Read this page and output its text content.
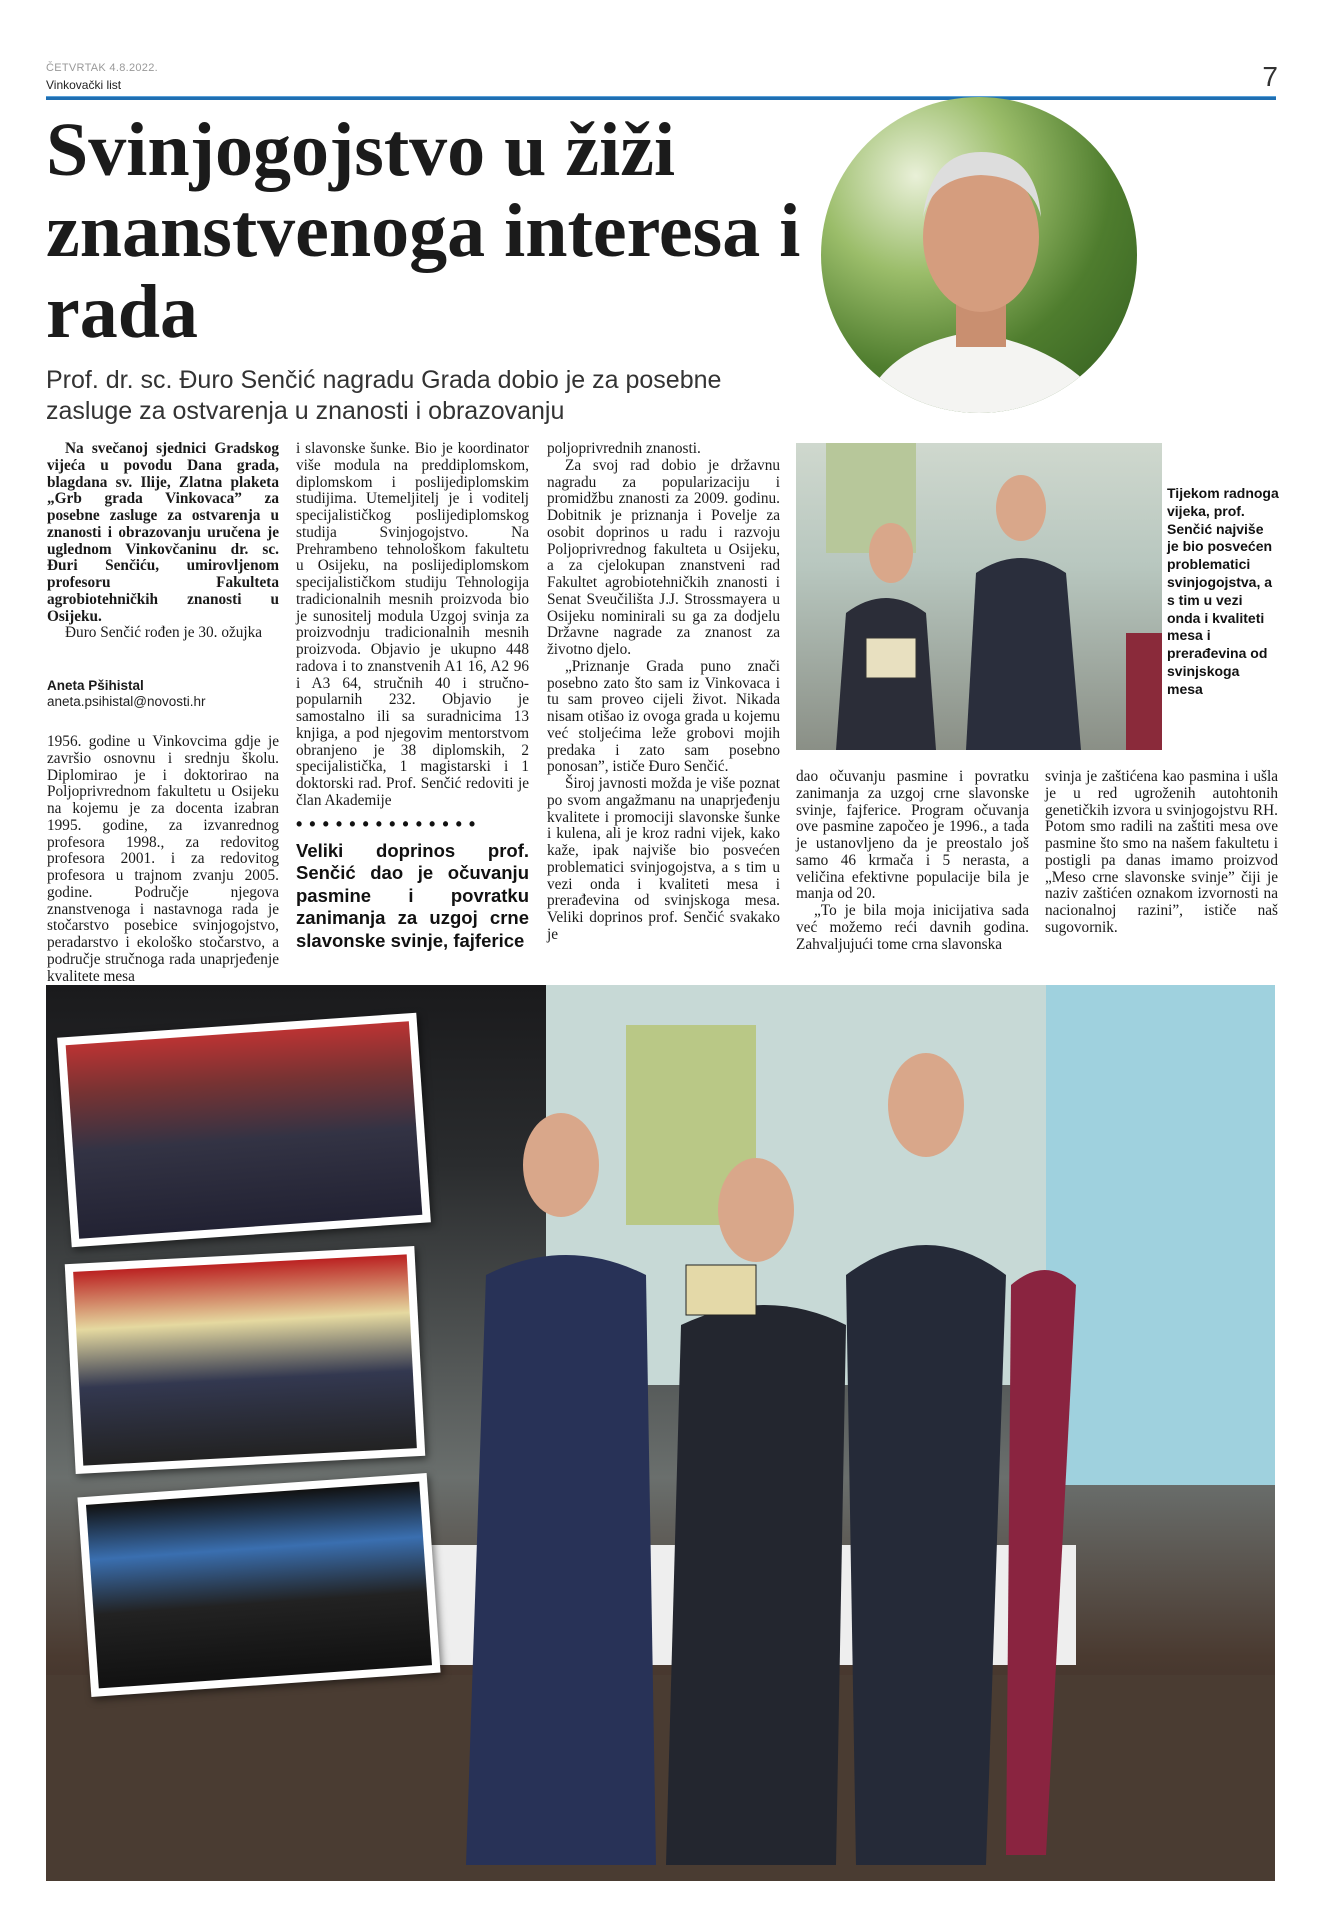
ČETVRTAK 4.8.2022.
Vinkovački list	7
Svinjogojstvo u žiži znanstvenoga interesa i rada
Prof. dr. sc. Đuro Senčić nagradu Grada dobio je za posebne zasluge za ostvarenja u znanosti i obrazovanju

Na svečanoj sjednici Gradskog vijeća u povodu Dana grada, blagdana sv. Ilije, Zlatna plaketa „Grb grada Vinkovaca” za posebne zasluge za ostvarenja u znanosti i obrazovanju uručena je uglednom Vinkovčaninu dr. sc. Đuri Senčiću, umirovljenom profesoru Fakulteta agrobiotehničkih znanosti u Osijeku.

Đuro Senčić rođen je 30. ožujka

Aneta Pšihistal
aneta.psihistal@novosti.hr

1956. godine u Vinkovcima gdje je završio osnovnu i srednju školu. Diplomirao je i doktorirao na Poljoprivrednom fakultetu u Osijeku na kojemu je za docenta izabran 1995. godine, za izvanrednog profesora 1998., za redovitog profesora 2001. i za redovitog profesora u trajnom zvanju 2005. godine. Područje njegova znanstvenoga i nastavnoga rada je stočarstvo posebice svinjogojstvo, peradarstvo i ekološko stočarstvo, a područje stručnoga rada unaprjeđenje kvalitete mesa

i slavonske šunke. Bio je koordinator više modula na preddiplomskom, diplomskom i poslijediplomskim studijima. Utemeljitelj je i voditelj specijalističkog poslijediplomskog studija Svinjogojstvo. Na Prehrambeno tehnološkom fakultetu u Osijeku, na poslijediplomskom specijalističkom studiju Tehnologija tradicionalnih mesnih proizvoda bio je sunositelj modula Uzgoj svinja za proizvodnju tradicionalnih mesnih proizvoda. Objavio je ukupno 448 radova i to znanstvenih A1 16, A2 96 i A3 64, stručnih 40 i stručno-popularnih 232. Objavio je samostalno ili sa suradnicima 13 knjiga, a pod njegovim mentorstvom obranjeno je 38 diplomskih, 2 specijalistička, 1 magistarski i 1 doktorski rad. Prof. Senčić redoviti je član Akademije

••••••••••••••
Veliki doprinos prof. Senčić dao je očuvanju pasmine i povratku zanimanja za uzgoj crne slavonske svinje, fajferice

poljoprivrednih znanosti.

Za svoj rad dobio je državnu nagradu za popularizaciju i promidžbu znanosti za 2009. godinu. Dobitnik je priznanja i Povelje za osobit doprinos u radu i razvoju Poljoprivrednog fakulteta u Osijeku, a za cjelokupan znanstveni rad Fakultet agrobiotehničkih znanosti i Senat Sveučilišta J.J. Strossmayera u Osijeku nominirali su ga za dodjelu Državne nagrade za znanost za životno djelo.

„Priznanje Grada puno znači posebno zato što sam iz Vinkovaca i tu sam proveo cijeli život. Nikada nisam otišao iz ovoga grada u kojemu već stoljećima leže grobovi mojih predaka i zato sam posebno ponosan”, ističe Đuro Senčić.

Široj javnosti možda je više poznat po svom angažmanu na unaprjeđenju kvalitete i promociji slavonske šunke i kulena, ali je kroz radni vijek, kako kaže, ipak najviše bio posvećen problematici svinjogojstva, a s tim u vezi onda i kvaliteti mesa i prerađevina od svinjskoga mesa. Veliki doprinos prof. Senčić svakako je

Tijekom radnoga vijeka, prof. Senčić najviše je bio posvećen problematici svinjogojstva, a s tim u vezi onda i kvaliteti mesa i prerađevina od svinjskoga mesa

dao očuvanju pasmine i povratku zanimanja za uzgoj crne slavonske svinje, fajferice. Program očuvanja ove pasmine započeo je 1996., a tada je ustanovljeno da je preostalo još samo 46 krmača i 5 nerasta, a veličina efektivne populacije bila je manja od 20.

„To je bila moja inicijativa sada već možemo reći davnih godina. Zahvaljujući tome crna slavonska

svinja je zaštićena kao pasmina i ušla je u red ugroženih autohtonih genetičkih izvora u svinjogojstvu RH. Potom smo radili na zaštiti mesa ove pasmine što smo na našem fakultetu i postigli pa danas imamo proizvod „Meso crne slavonske svinje” čiji je naziv zaštićen oznakom izvornosti na nacionalnoj razini”, ističe naš sugovornik.
